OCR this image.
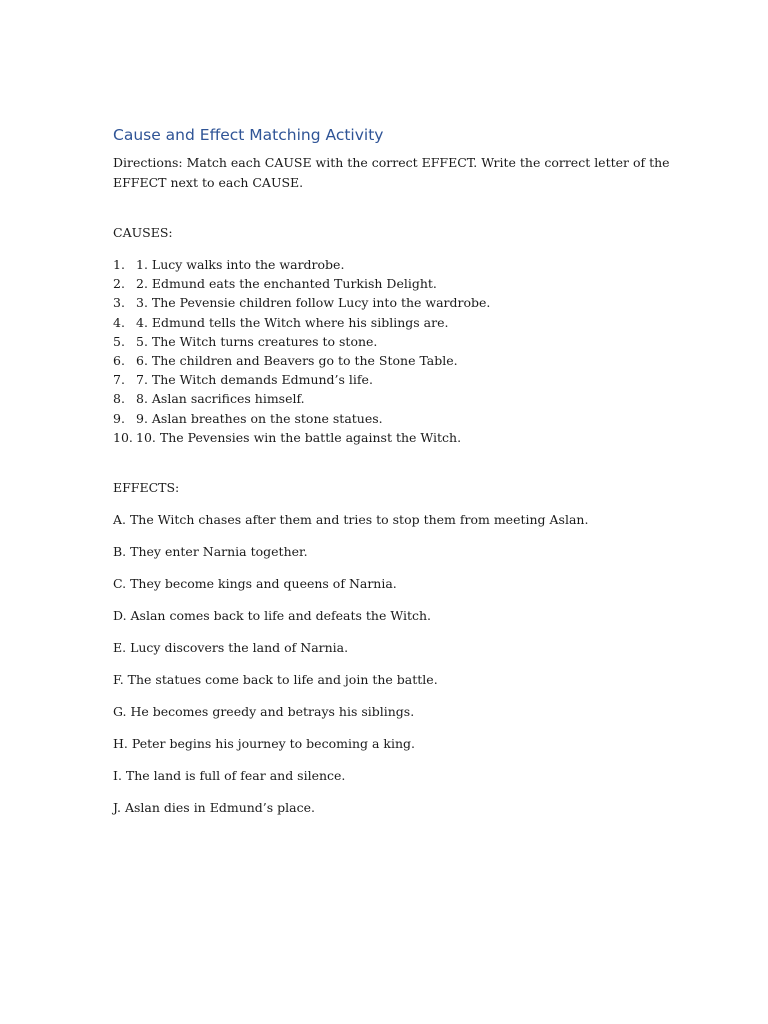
Cause and Effect Matching Activity

Directions: Match each CAUSE with the correct EFFECT. Write the correct letter of the EFFECT next to each CAUSE.

CAUSES:

1. 1. Lucy walks into the wardrobe.
2. 2. Edmund eats the enchanted Turkish Delight.
3. 3. The Pevensie children follow Lucy into the wardrobe.
4. 4. Edmund tells the Witch where his siblings are.
5. 5. The Witch turns creatures to stone.
6. 6. The children and Beavers go to the Stone Table.
7. 7. The Witch demands Edmund’s life.
8. 8. Aslan sacrifices himself.
9. 9. Aslan breathes on the stone statues.
10. 10. The Pevensies win the battle against the Witch.

EFFECTS:

A. The Witch chases after them and tries to stop them from meeting Aslan.
B. They enter Narnia together.
C. They become kings and queens of Narnia.
D. Aslan comes back to life and defeats the Witch.
E. Lucy discovers the land of Narnia.
F. The statues come back to life and join the battle.
G. He becomes greedy and betrays his siblings.
H. Peter begins his journey to becoming a king.
I. The land is full of fear and silence.
J. Aslan dies in Edmund’s place.
